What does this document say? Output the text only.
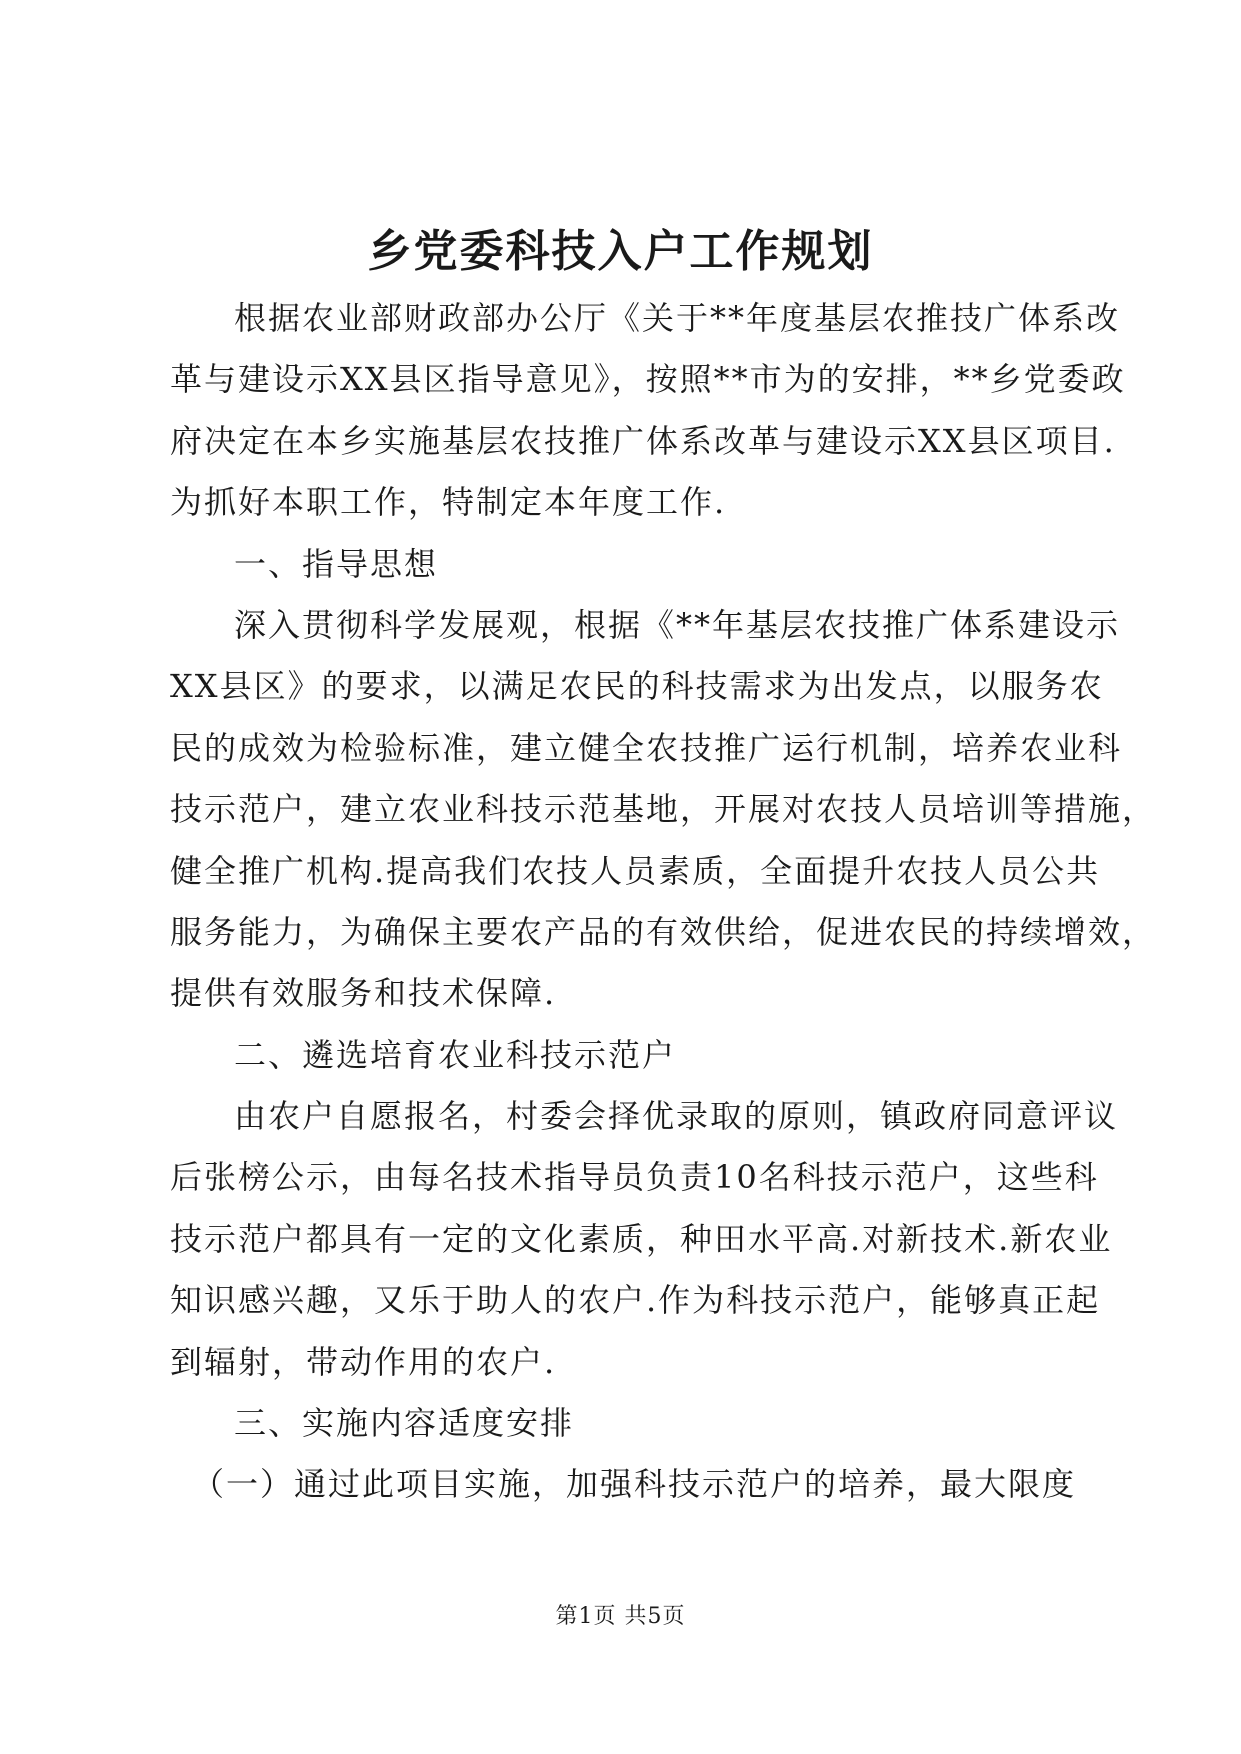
乡党委科技入户工作规划
根据农业部财政部办公厅《关于**年度基层农推技广体系改
革与建设示XX县区指导意见》，按照**市为的安排，**乡党委政
府决定在本乡实施基层农技推广体系改革与建设示XX县区项目.
为抓好本职工作，特制定本年度工作.
一、指导思想
深入贯彻科学发展观，根据《**年基层农技推广体系建设示
XX县区》的要求，以满足农民的科技需求为出发点，以服务农
民的成效为检验标准，建立健全农技推广运行机制，培养农业科
技示范户，建立农业科技示范基地，开展对农技人员培训等措施，
健全推广机构.提高我们农技人员素质，全面提升农技人员公共
服务能力，为确保主要农产品的有效供给，促进农民的持续增效，
提供有效服务和技术保障.
二、遴选培育农业科技示范户
由农户自愿报名，村委会择优录取的原则，镇政府同意评议
后张榜公示，由每名技术指导员负责10名科技示范户，这些科
技示范户都具有一定的文化素质，种田水平高.对新技术.新农业
知识感兴趣，又乐于助人的农户.作为科技示范户，能够真正起
到辐射，带动作用的农户.
三、实施内容适度安排
（一）通过此项目实施，加强科技示范户的培养，最大限度
第1页 共5页
